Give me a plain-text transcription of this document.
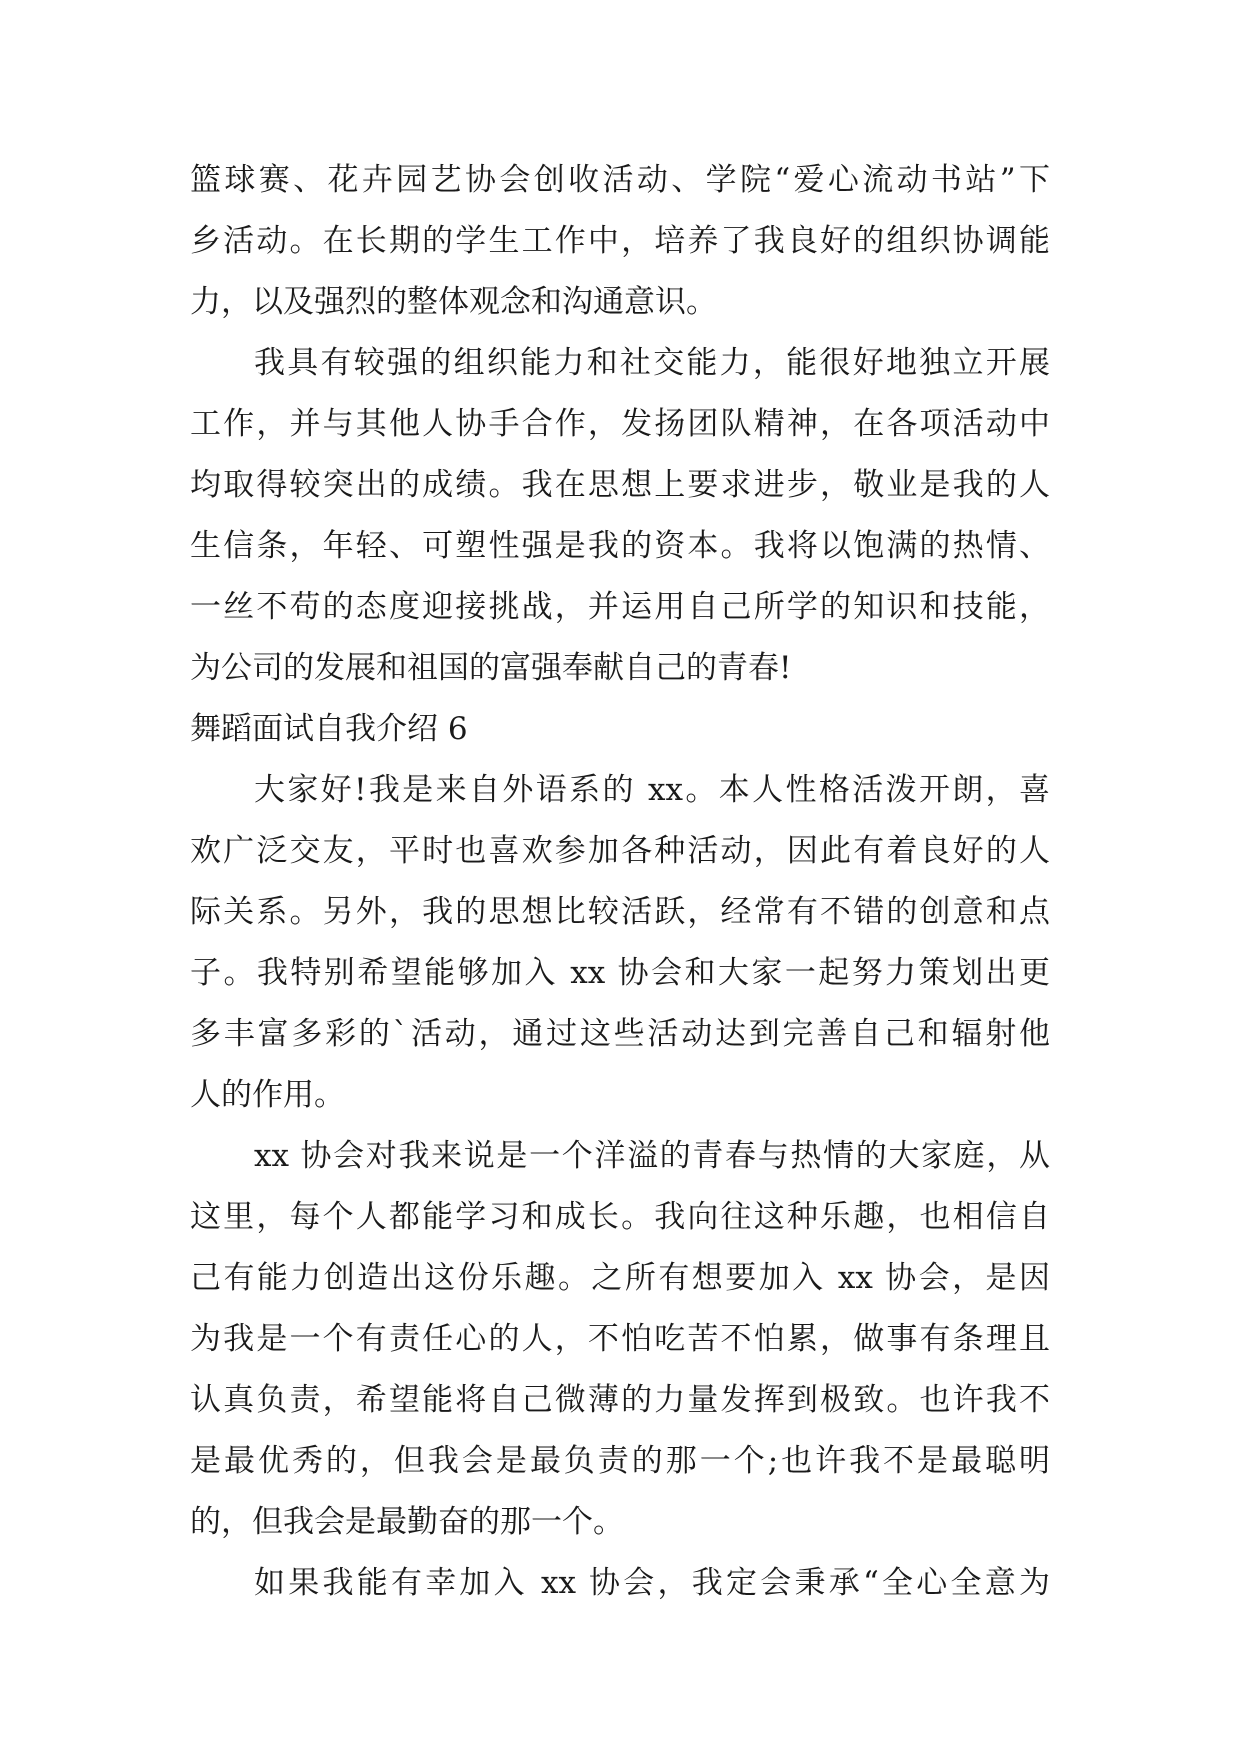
篮球赛、花卉园艺协会创收活动、学院“爱心流动书站”下
乡活动。在长期的学生工作中，培养了我良好的组织协调能
力，以及强烈的整体观念和沟通意识。
我具有较强的组织能力和社交能力，能很好地独立开展
工作，并与其他人协手合作，发扬团队精神，在各项活动中
均取得较突出的成绩。我在思想上要求进步，敬业是我的人
生信条，年轻、可塑性强是我的资本。我将以饱满的热情、
一丝不苟的态度迎接挑战，并运用自己所学的知识和技能，
为公司的发展和祖国的富强奉献自己的青春!
舞蹈面试自我介绍 6
大家好!我是来自外语系的 xx。本人性格活泼开朗，喜
欢广泛交友，平时也喜欢参加各种活动，因此有着良好的人
际关系。另外，我的思想比较活跃，经常有不错的创意和点
子。我特别希望能够加入 xx 协会和大家一起努力策划出更
多丰富多彩的`活动，通过这些活动达到完善自己和辐射他
人的作用。
xx 协会对我来说是一个洋溢的青春与热情的大家庭，从
这里，每个人都能学习和成长。我向往这种乐趣，也相信自
己有能力创造出这份乐趣。之所有想要加入 xx 协会，是因
为我是一个有责任心的人，不怕吃苦不怕累，做事有条理且
认真负责，希望能将自己微薄的力量发挥到极致。也许我不
是最优秀的，但我会是最负责的那一个;也许我不是最聪明
的，但我会是最勤奋的那一个。
如果我能有幸加入 xx 协会，我定会秉承“全心全意为
